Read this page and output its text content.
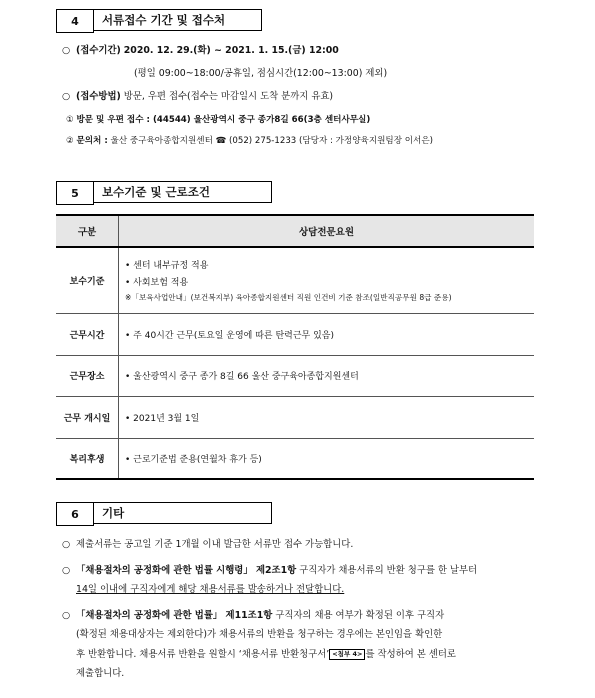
4	서류접수 기간 및 접수처
○ (접수기간) 2020. 12. 29.(화) ~ 2021. 1. 15.(금) 12:00
(평일 09:00~18:00/공휴일, 점심시간(12:00~13:00) 제외)
○ (접수방법) 방문, 우편 접수(접수는 마감일시 도착 분까지 유효)
① 방문 및 우편 접수 : (44544) 울산광역시 중구 종가8길 66(3층 센터사무실)
② 문의처 : 울산 중구육아종합지원센터 ☎ (052) 275-1233 (담당자 : 가정양육지원팀장 이서은)
5	보수기준 및 근로조건
구분	상담전문요원
보수기준	• 센터 내부규정 적용
• 사회보험 적용
※「보육사업안내」(보건복지부) 육아종합지원센터 직원 인건비 기준 참조(일반직공무원 8급 준용)

근무시간	• 주 40시간 근무(토요일 운영에 따른 탄력근무 있음)
근무장소	• 울산광역시 중구 종가 8길 66 울산 중구육아종합지원센터
근무 개시일	• 2021년 3월 1일
복리후생	• 근로기준법 준용(연월차 휴가 등)
6	기타
○ 제출서류는 공고일 기준 1개월 이내 발급한 서류만 접수 가능합니다.
○ 「채용절차의 공정화에 관한 법률 시행령」 제2조1항 구직자가 채용서류의 반환 청구를 한 날부터
14일 이내에 구직자에게 해당 채용서류를 발송하거나 전달합니다.
○ 「채용절차의 공정화에 관한 법률」 제11조1항 구직자의 채용 여부가 확정된 이후 구직자
(확정된 채용대상자는 제외한다)가 채용서류의 반환을 청구하는 경우에는 본인임을 확인한
후 반환합니다. 채용서류 반환을 원할시 ‘채용서류 반환청구서’ <첨부 4> 를 작성하여 본 센터로
제출합니다.
